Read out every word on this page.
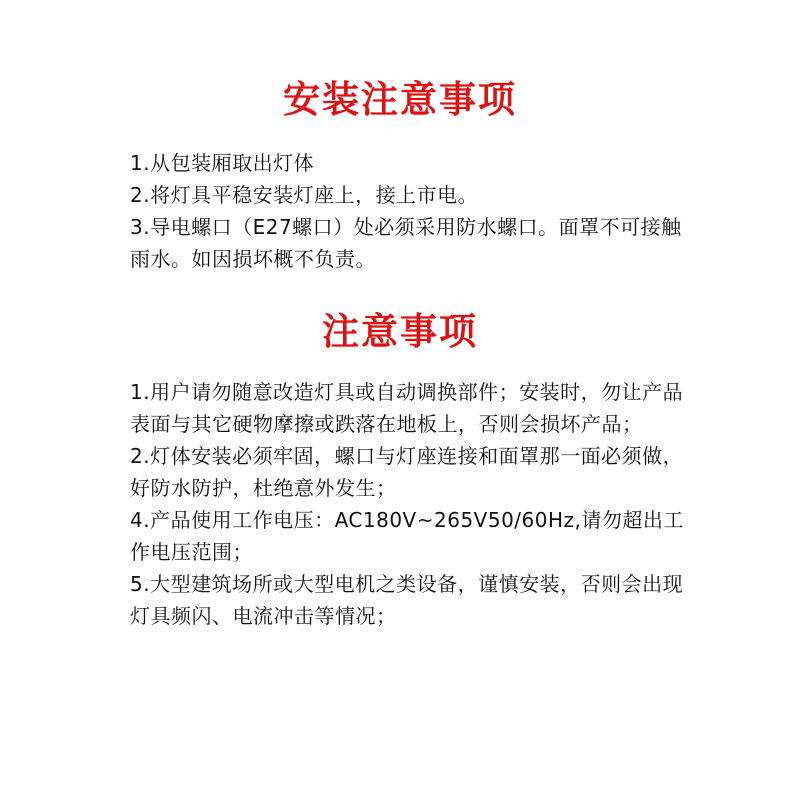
安装注意事项
1.从包装厢取出灯体
2.将灯具平稳安装灯座上，接上市电。
3.导电螺口（E27螺口）处必须采用防水螺口。面罩不可接触雨水。如因损坏概不负责。
注意事项
1.用户请勿随意改造灯具或自动调换部件；安装时，勿让产品表面与其它硬物摩擦或跌落在地板上，否则会损坏产品；
2.灯体安装必须牢固，螺口与灯座连接和面罩那一面必须做，好防水防护，杜绝意外发生；
4.产品使用工作电压：AC180V~265V50/60Hz,请勿超出工作电压范围；
5.大型建筑场所或大型电机之类设备，谨慎安装，否则会出现灯具频闪、电流冲击等情况；
